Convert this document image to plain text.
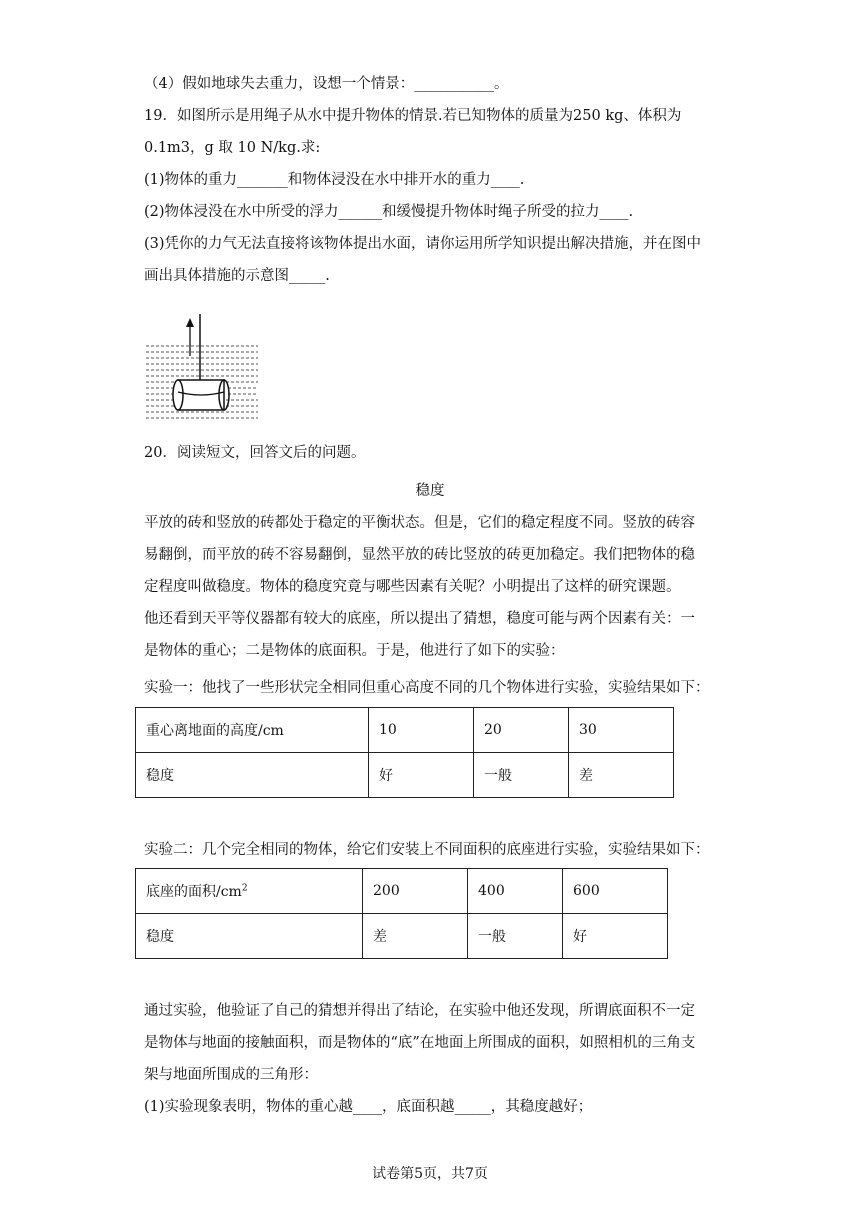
（4）假如地球失去重力，设想一个情景：___________。
19．如图所示是用绳子从水中提升物体的情景.若已知物体的质量为250 kg、体积为
0.1m3，g 取 10 N/kg.求:
(1)物体的重力_______和物体浸没在水中排开水的重力____.
(2)物体浸没在水中所受的浮力______和缓慢提升物体时绳子所受的拉力____.
(3)凭你的力气无法直接将该物体提出水面，请你运用所学知识提出解决措施，并在图中
画出具体措施的示意图_____.
20．阅读短文，回答文后的问题。
稳度
平放的砖和竖放的砖都处于稳定的平衡状态。但是，它们的稳定程度不同。竖放的砖容
易翻倒，而平放的砖不容易翻倒，显然平放的砖比竖放的砖更加稳定。我们把物体的稳
定程度叫做稳度。物体的稳度究竟与哪些因素有关呢？小明提出了这样的研究课题。
他还看到天平等仪器都有较大的底座，所以提出了猜想，稳度可能与两个因素有关：一
是物体的重心；二是物体的底面积。于是，他进行了如下的实验：
实验一：他找了一些形状完全相同但重心高度不同的几个物体进行实验，实验结果如下：
重心离地面的高度/cm	10	20	30
稳度	好	一般	差
实验二：几个完全相同的物体，给它们安装上不同面积的底座进行实验，实验结果如下：
底座的面积$/cm^2$	200	400	600
稳度	差	一般	好
通过实验，他验证了自己的猜想并得出了结论，在实验中他还发现，所谓底面积不一定
是物体与地面的接触面积，而是物体的“底”在地面上所围成的面积，如照相机的三角支
架与地面所围成的三角形：
(1)实验现象表明，物体的重心越____，底面积越_____，其稳度越好；
试卷第5页，共7页
